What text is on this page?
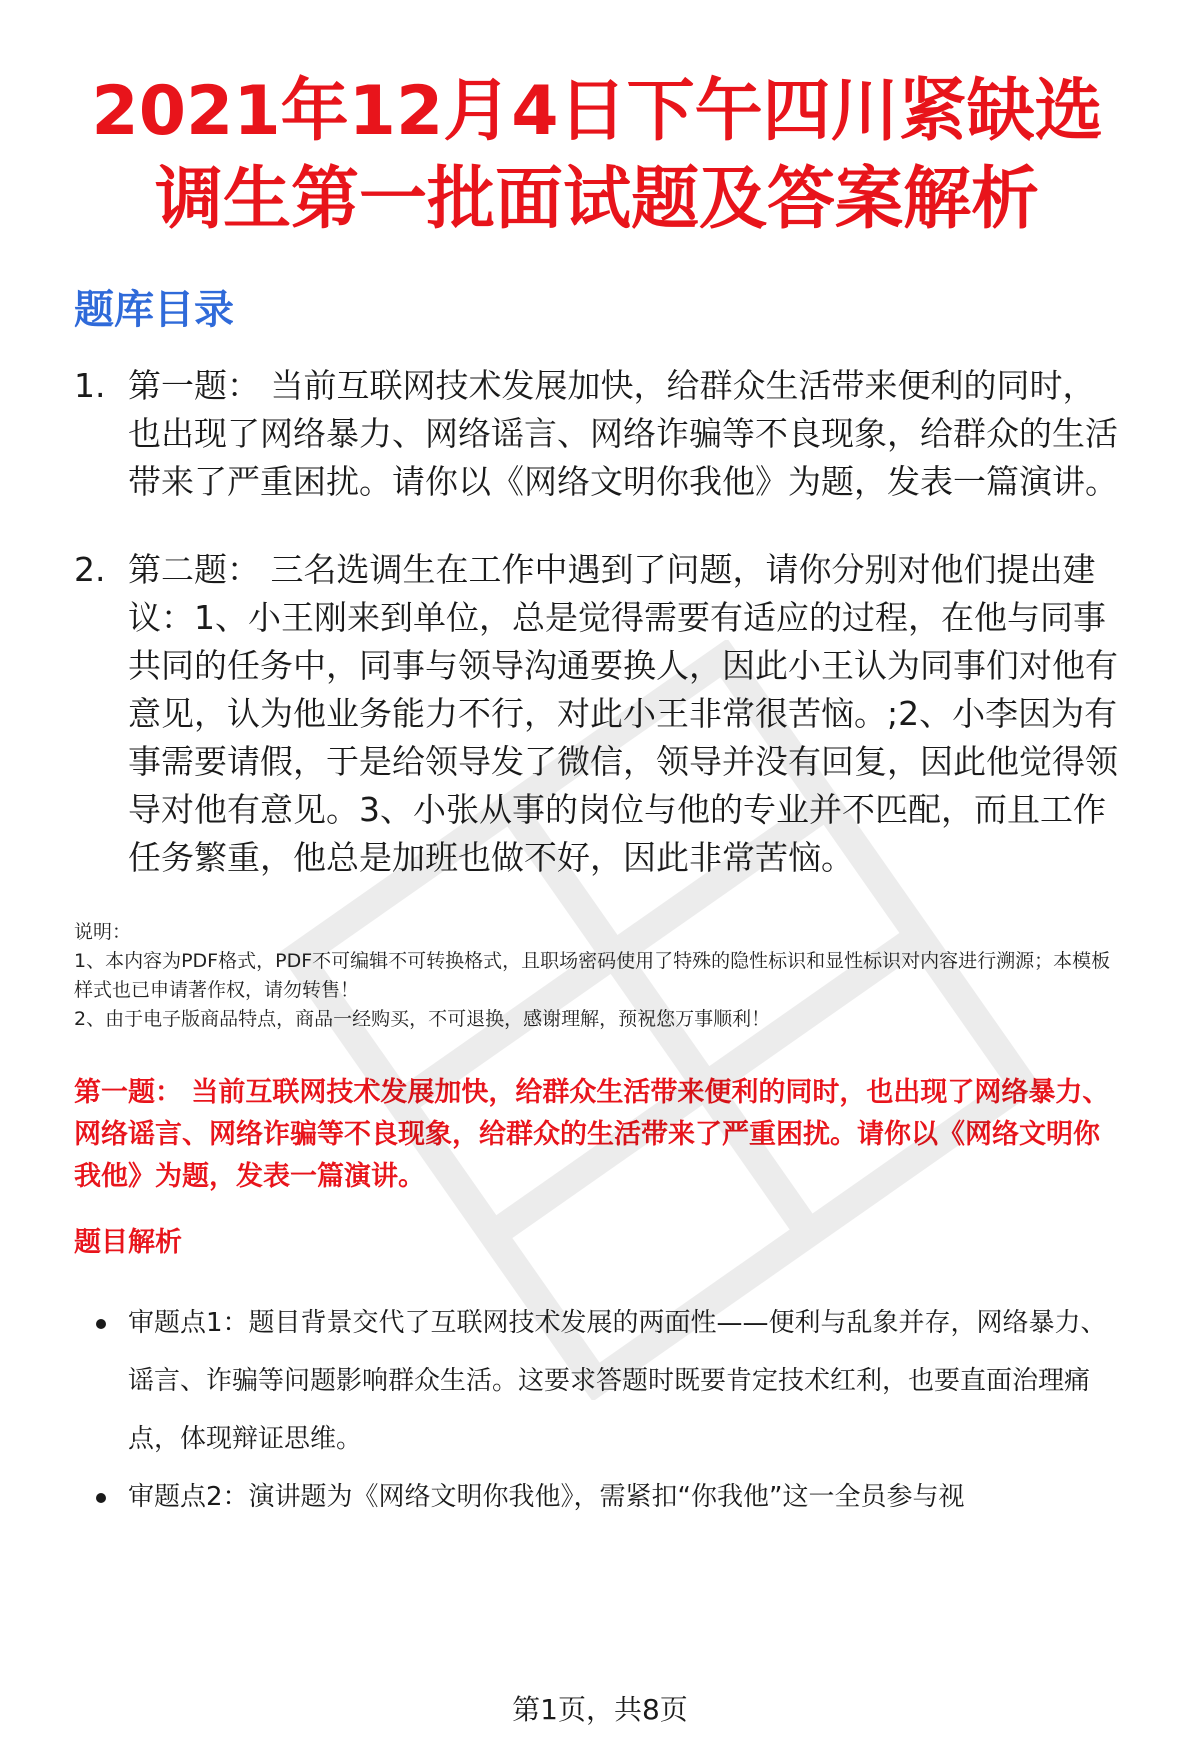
2021年12月4日下午四川紧缺选调生第一批面试题及答案解析
题库目录
1. 第一题： 当前互联网技术发展加快，给群众生活带来便利的同时，也出现了网络暴力、网络谣言、网络诈骗等不良现象，给群众的生活带来了严重困扰。请你以《网络文明你我他》为题，发表一篇演讲。
2. 第二题： 三名选调生在工作中遇到了问题，请你分别对他们提出建议：1、小王刚来到单位，总是觉得需要有适应的过程，在他与同事共同的任务中，同事与领导沟通要换人，因此小王认为同事们对他有意见，认为他业务能力不行，对此小王非常很苦恼。;2、小李因为有事需要请假，于是给领导发了微信，领导并没有回复，因此他觉得领导对他有意见。3、小张从事的岗位与他的专业并不匹配，而且工作任务繁重，他总是加班也做不好，因此非常苦恼。
说明：
1、本内容为PDF格式，PDF不可编辑不可转换格式，且职场密码使用了特殊的隐性标识和显性标识对内容进行溯源；本模板样式也已申请著作权，请勿转售！
2、由于电子版商品特点，商品一经购买，不可退换，感谢理解，预祝您万事顺利！
第一题： 当前互联网技术发展加快，给群众生活带来便利的同时，也出现了网络暴力、网络谣言、网络诈骗等不良现象，给群众的生活带来了严重困扰。请你以《网络文明你我他》为题，发表一篇演讲。
题目解析
审题点1：题目背景交代了互联网技术发展的两面性——便利与乱象并存，网络暴力、谣言、诈骗等问题影响群众生活。这要求答题时既要肯定技术红利，也要直面治理痛点，体现辩证思维。
审题点2：演讲题为《网络文明你我他》，需紧扣“你我他”这一全员参与视
第1页，共8页
